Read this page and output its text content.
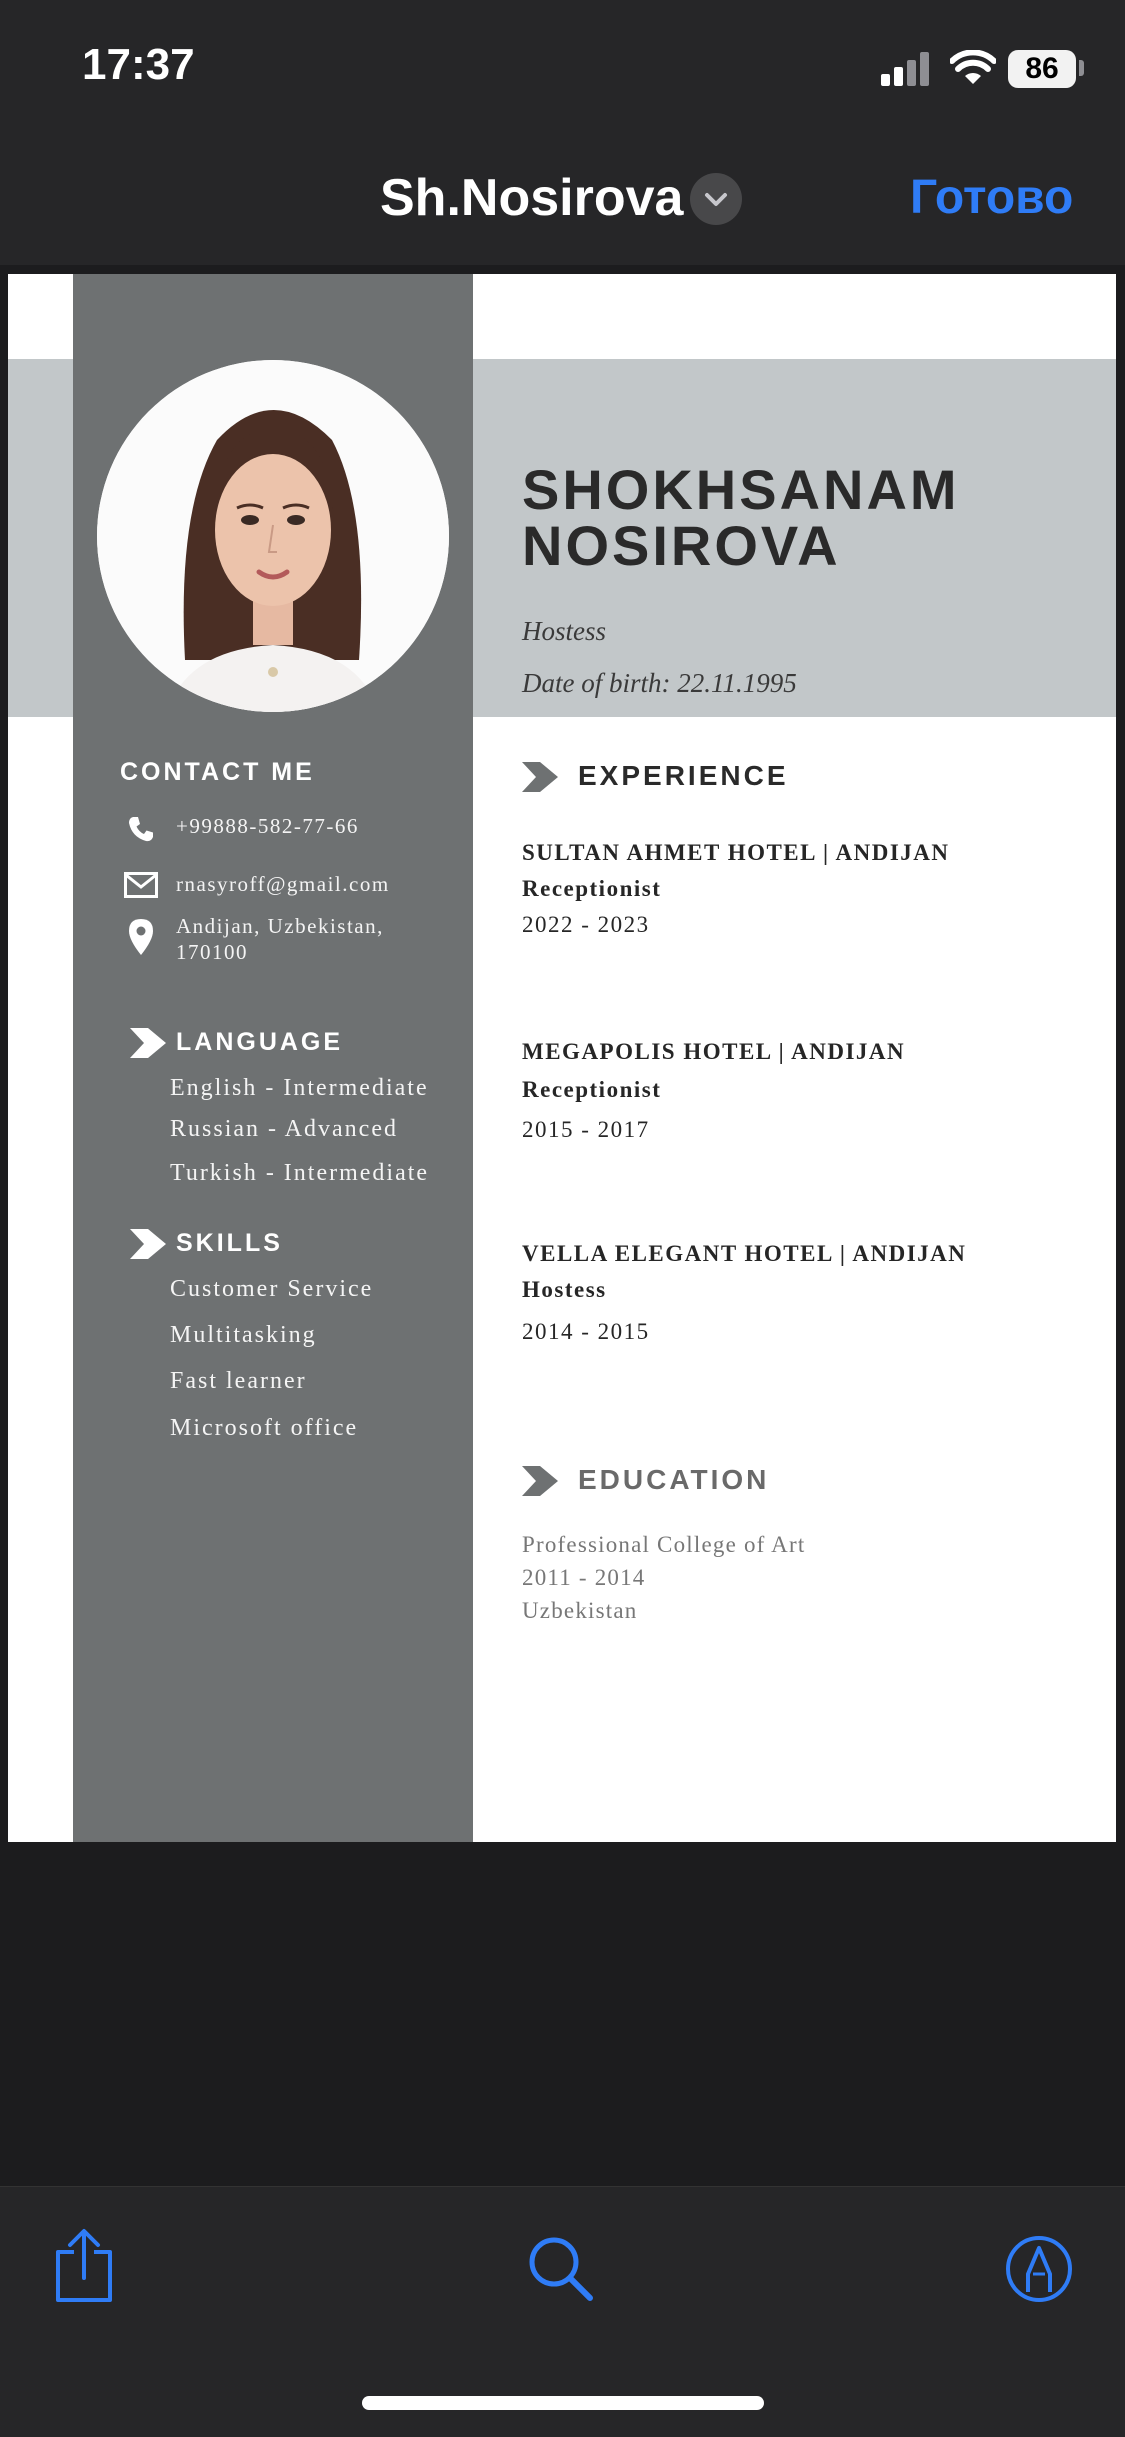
17:37	86
Sh.Nosirova	Готово
SHOKHSANAM
NOSIROVA
Hostess
Date of birth: 22.11.1995
CONTACT ME
+99888-582-77-66
rnasyroff@gmail.com
Andijan, Uzbekistan,
170100
LANGUAGE
English - Intermediate
Russian - Advanced
Turkish - Intermediate
SKILLS
Customer Service
Multitasking
Fast learner
Microsoft office
EXPERIENCE
SULTAN AHMET HOTEL | ANDIJAN
Receptionist
2022 - 2023
MEGAPOLIS HOTEL | ANDIJAN
Receptionist
2015 - 2017
VELLA ELEGANT HOTEL | ANDIJAN
Hostess
2014 - 2015
EDUCATION
Professional College of Art
2011 - 2014
Uzbekistan
